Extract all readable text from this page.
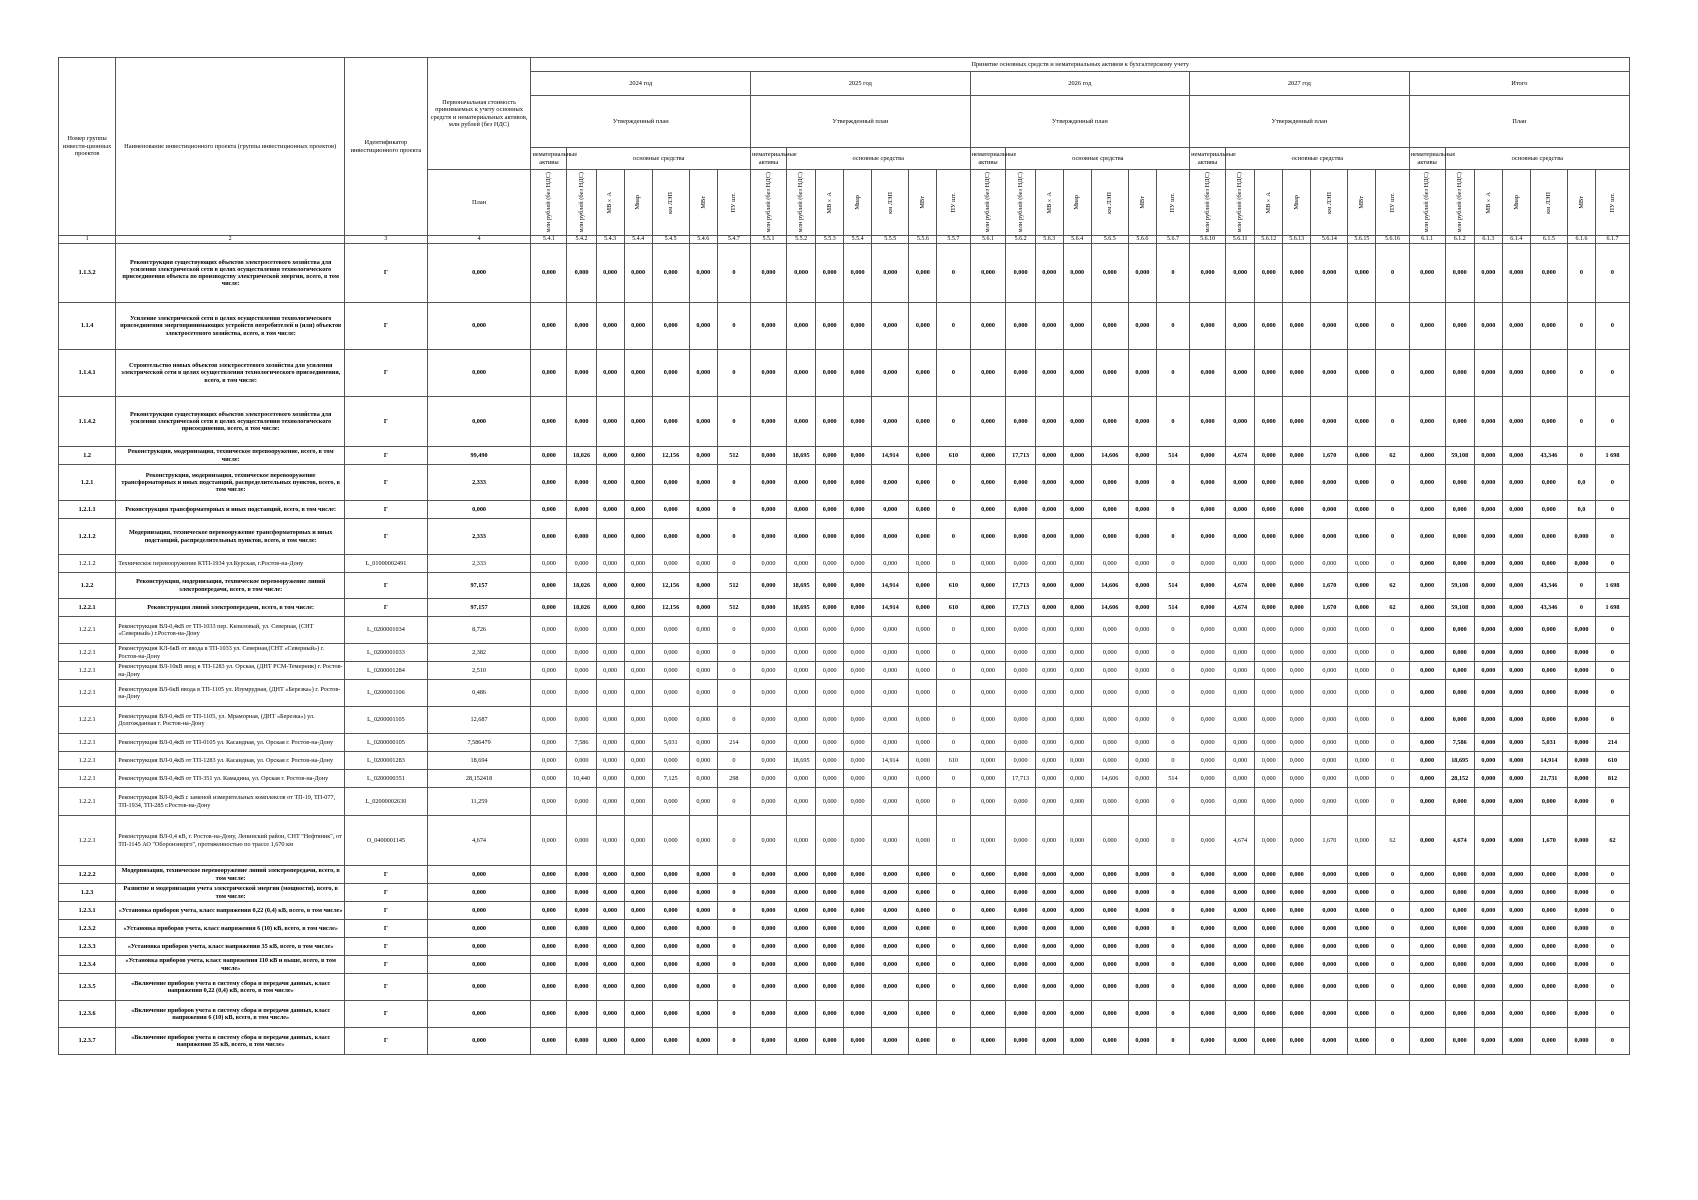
Номер группы инвести-ционных проектов	Наименование инвестиционного проекта (группы инвестиционных проектов)	Идентификатор инвестиционного проекта	Первоначальная стоимость принимаемых к учету основных средств и нематериальных активов, млн рублей (без НДС)	Принятие основных средств и нематериальных активов к бухгалтерскому учету																																		
				2024 год							2025 год							2026 год							2027 год							Итого						
				Утвержденный план							Утвержденный план							Утвержденный план							Утвержденный план							План						
				нематериальные активы	основные средства						нематериальные активы	основные средства						нематериальные активы	основные средства						нематериальные активы	основные средства						нематериальные активы	основные средства					
			План	млн рублей (без НДС)	млн рублей (без НДС)	МВ×А	Мвар	км ЛЭП	МВт	ПУ шт.	млн рублей (без НДС)	млн рублей (без НДС)	МВ×А	Мвар	км ЛЭП	МВт	ПУ шт.	млн рублей (без НДС)	млн рублей (без НДС)	МВ×А	Мвар	км ЛЭП	МВт	ПУ шт.	млн рублей (без НДС)	млн рублей (без НДС)	МВ×А	Мвар	км ЛЭП	МВт	ПУ шт.	млн рублей (без НДС)	млн рублей (без НДС)	МВ×А	Мвар	км ЛЭП	МВт	ПУ шт.

1	2	3	4	5.4.1	5.4.2	5.4.3	5.4.4	5.4.5	5.4.6	5.4.7	5.5.1	5.5.2	5.5.3	5.5.4	5.5.5	5.5.6	5.5.7	5.6.1	5.6.2	5.6.3	5.6.4	5.6.5	5.6.6	5.6.7	5.6.10	5.6.11	5.6.12	5.6.13	5.6.14	5.6.15	5.6.16	6.1.1	6.1.2	6.1.3	6.1.4	6.1.5	6.1.6	6.1.7
1.1.3.2	Реконструкция существующих объектов электросетевого хозяйства для усиления электрической сети в целях осуществления технологического присоединения объекта по производству электрической энергии, всего, в том числе:	Г	0,000	0,000	0,000	0,000	0,000	0,000	0,000	0	0,000	0,000	0,000	0,000	0,000	0,000	0	0,000	0,000	0,000	0,000	0,000	0,000	0	0,000	0,000	0,000	0,000	0,000	0,000	0	0,000	0,000	0,000	0,000	0,000	0	0
1.1.4	Усиление электрической сети в целях осуществления технологического присоединения энергопринимающих устройств потребителей и (или) объектов электросетевого хозяйства, всего, в том числе:	Г	0,000	0,000	0,000	0,000	0,000	0,000	0,000	0	0,000	0,000	0,000	0,000	0,000	0,000	0	0,000	0,000	0,000	0,000	0,000	0,000	0	0,000	0,000	0,000	0,000	0,000	0,000	0	0,000	0,000	0,000	0,000	0,000	0	0
1.1.4.1	Строительство новых объектов электросетевого хозяйства для усиления электрической сети в целях осуществления технологического присоединения, всего, в том числе:	Г	0,000	0,000	0,000	0,000	0,000	0,000	0,000	0	0,000	0,000	0,000	0,000	0,000	0,000	0	0,000	0,000	0,000	0,000	0,000	0,000	0	0,000	0,000	0,000	0,000	0,000	0,000	0	0,000	0,000	0,000	0,000	0,000	0	0
1.1.4.2	Реконструкция существующих объектов электросетевого хозяйства для усиления электрической сети в целях осуществления технологического присоединения, всего, в том числе:	Г	0,000	0,000	0,000	0,000	0,000	0,000	0,000	0	0,000	0,000	0,000	0,000	0,000	0,000	0	0,000	0,000	0,000	0,000	0,000	0,000	0	0,000	0,000	0,000	0,000	0,000	0,000	0	0,000	0,000	0,000	0,000	0,000	0	0
1.2	Реконструкция, модернизация, техническое перевооружение, всего, в том числе:	Г	99,490	0,000	18,026	0,000	0,000	12,156	0,000	512	0,000	18,695	0,000	0,000	14,914	0,000	610	0,000	17,713	0,000	0,000	14,606	0,000	514	0,000	4,674	0,000	0,000	1,670	0,000	62	0,000	59,108	0,000	0,000	43,346	0	1 698
1.2.1	Реконструкция, модернизация, техническое перевооружение трансформаторных и иных подстанций, распределительных пунктов, всего, в том числе:	Г	2,333	0,000	0,000	0,000	0,000	0,000	0,000	0	0,000	0,000	0,000	0,000	0,000	0,000	0	0,000	0,000	0,000	0,000	0,000	0,000	0	0,000	0,000	0,000	0,000	0,000	0,000	0	0,000	0,000	0,000	0,000	0,000	0,0	0
1.2.1.1	Реконструкция трансформаторных и иных подстанций, всего, в том числе:	Г	0,000	0,000	0,000	0,000	0,000	0,000	0,000	0	0,000	0,000	0,000	0,000	0,000	0,000	0	0,000	0,000	0,000	0,000	0,000	0,000	0	0,000	0,000	0,000	0,000	0,000	0,000	0	0,000	0,000	0,000	0,000	0,000	0,0	0
1.2.1.2	Модернизация, техническое перевооружение трансформаторных и иных подстанций, распределительных пунктов, всего, в том числе:	Г	2,333	0,000	0,000	0,000	0,000	0,000	0,000	0	0,000	0,000	0,000	0,000	0,000	0,000	0	0,000	0,000	0,000	0,000	0,000	0,000	0	0,000	0,000	0,000	0,000	0,000	0,000	0	0,000	0,000	0,000	0,000	0,000	0,000	0
1.2.1.2	Техническое перевооружение КТП-1934 ул.Курская, г.Ростов-на-Дону	L_01000002491	2,333	0,000	0,000	0,000	0,000	0,000	0,000	0	0,000	0,000	0,000	0,000	0,000	0,000	0	0,000	0,000	0,000	0,000	0,000	0,000	0	0,000	0,000	0,000	0,000	0,000	0,000	0	0,000	0,000	0,000	0,000	0,000	0,000	0
1.2.2	Реконструкция, модернизация, техническое перевооружение линий электропередачи, всего, в том числе:	Г	97,157	0,000	18,026	0,000	0,000	12,156	0,000	512	0,000	18,695	0,000	0,000	14,914	0,000	610	0,000	17,713	0,000	0,000	14,606	0,000	514	0,000	4,674	0,000	0,000	1,670	0,000	62	0,000	59,108	0,000	0,000	43,346	0	1 698
1.2.2.1	Реконструкция линий электропередачи, всего, в том числе:	Г	97,157	0,000	18,026	0,000	0,000	12,156	0,000	512	0,000	18,695	0,000	0,000	14,914	0,000	610	0,000	17,713	0,000	0,000	14,606	0,000	514	0,000	4,674	0,000	0,000	1,670	0,000	62	0,000	59,108	0,000	0,000	43,346	0	1 698
1.2.2.1	Реконструкция ВЛ-0,4кВ от ТП-1033 пер. Кизиловый, ул. Северная, (СНТ «Северный») г.Ростов-на-Дону	L_0200001034	8,726	0,000	0,000	0,000	0,000	0,000	0,000	0	0,000	0,000	0,000	0,000	0,000	0,000	0	0,000	0,000	0,000	0,000	0,000	0,000	0	0,000	0,000	0,000	0,000	0,000	0,000	0	0,000	0,000	0,000	0,000	0,000	0,000	0
1.2.2.1	Реконструкция КЛ-6кВ от ввода в ТП-1033 ул. Северная,(СНТ «Северный») г. Ростов-на-Дону	L_0200001033	2,382	0,000	0,000	0,000	0,000	0,000	0,000	0	0,000	0,000	0,000	0,000	0,000	0,000	0	0,000	0,000	0,000	0,000	0,000	0,000	0	0,000	0,000	0,000	0,000	0,000	0,000	0	0,000	0,000	0,000	0,000	0,000	0,000	0
1.2.2.1	Реконструкция ВЛ-10кВ ввод в ТП-1283 ул. Орская, (ДНТ РСМ-Темерник) г. Ростов-на-Дону	L_0200001284	2,510	0,000	0,000	0,000	0,000	0,000	0,000	0	0,000	0,000	0,000	0,000	0,000	0,000	0	0,000	0,000	0,000	0,000	0,000	0,000	0	0,000	0,000	0,000	0,000	0,000	0,000	0	0,000	0,000	0,000	0,000	0,000	0,000	0
1.2.2.1	Реконструкция ВЛ-6кВ ввода в ТП-1105 ул. Изумрудная, (ДНТ «Березка») г. Ростов-на-Дону	L_0200001106	0,486	0,000	0,000	0,000	0,000	0,000	0,000	0	0,000	0,000	0,000	0,000	0,000	0,000	0	0,000	0,000	0,000	0,000	0,000	0,000	0	0,000	0,000	0,000	0,000	0,000	0,000	0	0,000	0,000	0,000	0,000	0,000	0,000	0
1.2.2.1	Реконструкция ВЛ-0,4кВ от ТП-1105, ул. Мраморная, (ДНТ «Березка») ул. Долгожданная г. Ростов-на-Дону	L_0200001105	12,687	0,000	0,000	0,000	0,000	0,000	0,000	0	0,000	0,000	0,000	0,000	0,000	0,000	0	0,000	0,000	0,000	0,000	0,000	0,000	0	0,000	0,000	0,000	0,000	0,000	0,000	0	0,000	0,000	0,000	0,000	0,000	0,000	0
1.2.2.1	Реконструкция ВЛ-0,4кВ от ТП-0105 ул. Касандная, ул. Орская г. Ростов-на-Дону	L_0200000105	7,586479	0,000	7,586	0,000	0,000	5,031	0,000	214	0,000	0,000	0,000	0,000	0,000	0,000	0	0,000	0,000	0,000	0,000	0,000	0,000	0	0,000	0,000	0,000	0,000	0,000	0,000	0	0,000	7,586	0,000	0,000	5,031	0,000	214
1.2.2.1	Реконструкция ВЛ-0,4кВ от ТП-1283 ул. Касандная, ул. Орская г. Ростов-на-Дону	L_0200001283	18,694	0,000	0,000	0,000	0,000	0,000	0,000	0	0,000	18,695	0,000	0,000	14,914	0,000	610	0,000	0,000	0,000	0,000	0,000	0,000	0	0,000	0,000	0,000	0,000	0,000	0,000	0	0,000	18,695	0,000	0,000	14,914	0,000	610
1.2.2.1	Реконструкция ВЛ-0,4кВ от ТП-351 ул. Камадина, ул. Орская г. Ростов-на-Дону	L_0200000351	28,152418	0,000	10,440	0,000	0,000	7,125	0,000	298	0,000	0,000	0,000	0,000	0,000	0,000	0	0,000	17,713	0,000	0,000	14,606	0,000	514	0,000	0,000	0,000	0,000	0,000	0,000	0	0,000	28,152	0,000	0,000	21,731	0,000	812
1.2.2.1	Реконструкция ВЛ-0,4кВ с заменой измерительных комплексов от ТП-19, ТП-077, ТП-1934, ТП-285 г.Ростов-на-Дону	L_02000002630	11,259	0,000	0,000	0,000	0,000	0,000	0,000	0	0,000	0,000	0,000	0,000	0,000	0,000	0	0,000	0,000	0,000	0,000	0,000	0,000	0	0,000	0,000	0,000	0,000	0,000	0,000	0	0,000	0,000	0,000	0,000	0,000	0,000	0
1.2.2.1	Реконструкция ВЛ-0,4 кВ, г. Ростов-на-Дону, Ленинский район, СНТ "Нефтяник", от ТП-1145 АО "Оборонэнерго", протяженностью по трассе 1,670 км	O_0400001145	4,674	0,000	0,000	0,000	0,000	0,000	0,000	0	0,000	0,000	0,000	0,000	0,000	0,000	0	0,000	0,000	0,000	0,000	0,000	0,000	0	0,000	4,674	0,000	0,000	1,670	0,000	62	0,000	4,674	0,000	0,000	1,670	0,000	62
1.2.2.2	Модернизация, техническое перевооружение линий электропередачи, всего, в том числе:	Г	0,000	0,000	0,000	0,000	0,000	0,000	0,000	0	0,000	0,000	0,000	0,000	0,000	0,000	0	0,000	0,000	0,000	0,000	0,000	0,000	0	0,000	0,000	0,000	0,000	0,000	0,000	0	0,000	0,000	0,000	0,000	0,000	0,000	0
1.2.3	Развитие и модернизация учета электрической энергии (мощности), всего, в том числе:	Г	0,000	0,000	0,000	0,000	0,000	0,000	0,000	0	0,000	0,000	0,000	0,000	0,000	0,000	0	0,000	0,000	0,000	0,000	0,000	0,000	0	0,000	0,000	0,000	0,000	0,000	0,000	0	0,000	0,000	0,000	0,000	0,000	0,000	0
1.2.3.1	«Установка приборов учета, класс напряжения 0,22 (0,4) кВ, всего, в том числе»	Г	0,000	0,000	0,000	0,000	0,000	0,000	0,000	0	0,000	0,000	0,000	0,000	0,000	0,000	0	0,000	0,000	0,000	0,000	0,000	0,000	0	0,000	0,000	0,000	0,000	0,000	0,000	0	0,000	0,000	0,000	0,000	0,000	0,000	0
1.2.3.2	«Установка приборов учета, класс напряжения 6 (10) кВ, всего, в том числе»	Г	0,000	0,000	0,000	0,000	0,000	0,000	0,000	0	0,000	0,000	0,000	0,000	0,000	0,000	0	0,000	0,000	0,000	0,000	0,000	0,000	0	0,000	0,000	0,000	0,000	0,000	0,000	0	0,000	0,000	0,000	0,000	0,000	0,000	0
1.2.3.3	«Установка приборов учета, класс напряжения 35 кВ, всего, в том числе»	Г	0,000	0,000	0,000	0,000	0,000	0,000	0,000	0	0,000	0,000	0,000	0,000	0,000	0,000	0	0,000	0,000	0,000	0,000	0,000	0,000	0	0,000	0,000	0,000	0,000	0,000	0,000	0	0,000	0,000	0,000	0,000	0,000	0,000	0
1.2.3.4	«Установка приборов учета, класс напряжения 110 кВ и выше, всего, в том числе»	Г	0,000	0,000	0,000	0,000	0,000	0,000	0,000	0	0,000	0,000	0,000	0,000	0,000	0,000	0	0,000	0,000	0,000	0,000	0,000	0,000	0	0,000	0,000	0,000	0,000	0,000	0,000	0	0,000	0,000	0,000	0,000	0,000	0,000	0
1.2.3.5	«Включение приборов учета в систему сбора и передачи данных, класс напряжения 0,22 (0,4) кВ, всего, в том числе»	Г	0,000	0,000	0,000	0,000	0,000	0,000	0,000	0	0,000	0,000	0,000	0,000	0,000	0,000	0	0,000	0,000	0,000	0,000	0,000	0,000	0	0,000	0,000	0,000	0,000	0,000	0,000	0	0,000	0,000	0,000	0,000	0,000	0,000	0
1.2.3.6	«Включение приборов учета в систему сбора и передачи данных, класс напряжения 6 (10) кВ, всего, в том числе»	Г	0,000	0,000	0,000	0,000	0,000	0,000	0,000	0	0,000	0,000	0,000	0,000	0,000	0,000	0	0,000	0,000	0,000	0,000	0,000	0,000	0	0,000	0,000	0,000	0,000	0,000	0,000	0	0,000	0,000	0,000	0,000	0,000	0,000	0
1.2.3.7	«Включение приборов учета в систему сбора и передачи данных, класс напряжения 35 кВ, всего, в том числе»	Г	0,000	0,000	0,000	0,000	0,000	0,000	0,000	0	0,000	0,000	0,000	0,000	0,000	0,000	0	0,000	0,000	0,000	0,000	0,000	0,000	0	0,000	0,000	0,000	0,000	0,000	0,000	0	0,000	0,000	0,000	0,000	0,000	0,000	0
